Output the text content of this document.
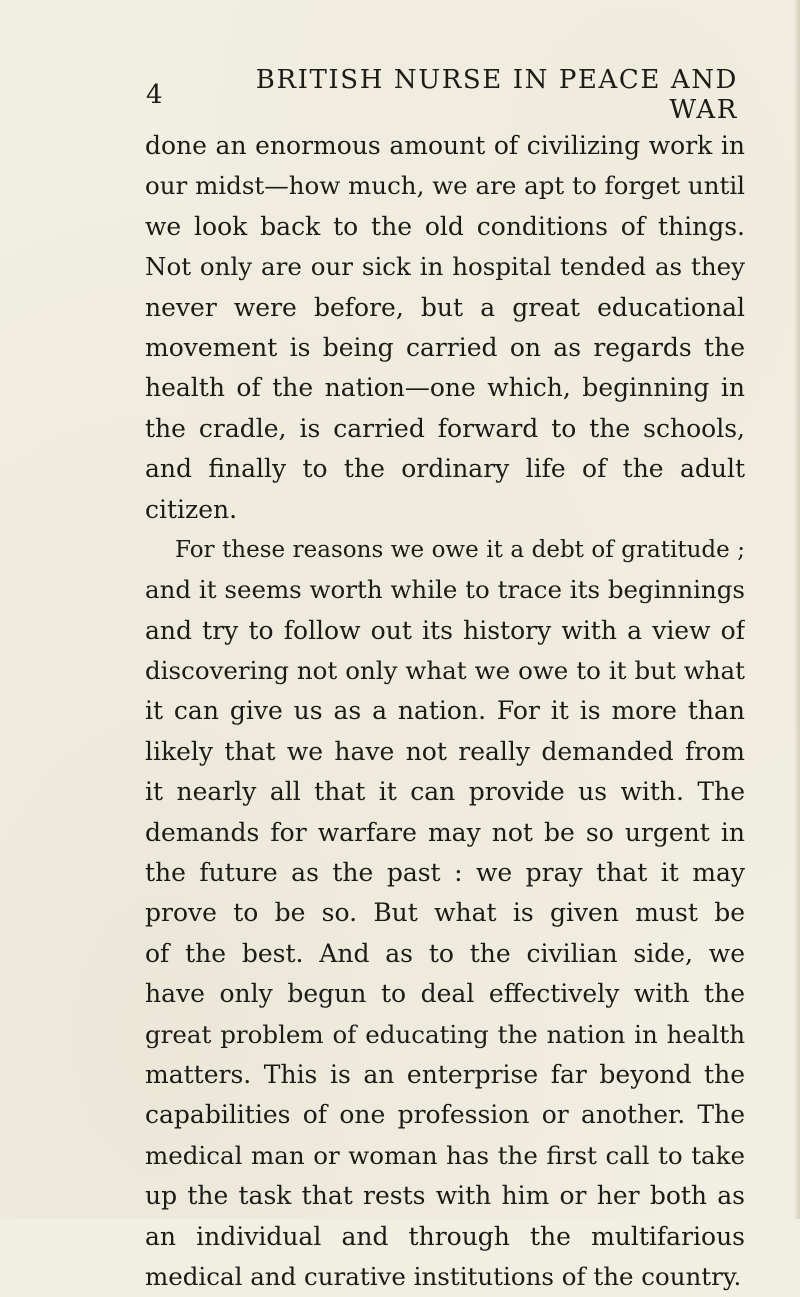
4	BRITISH NURSE IN PEACE AND WAR
done an enormous amount of civilizing work in
our midst—how much, we are apt to forget until
we look back to the old conditions of things.
Not only are our sick in hospital tended as they
never were before, but a great educational
movement is being carried on as regards the
health of the nation—one which, beginning in
the cradle, is carried forward to the schools,
and finally to the ordinary life of the adult
citizen.
For these reasons we owe it a debt of gratitude ;
and it seems worth while to trace its beginnings
and try to follow out its history with a view of
discovering not only what we owe to it but what
it can give us as a nation. For it is more than
likely that we have not really demanded from
it nearly all that it can provide us with. The
demands for warfare may not be so urgent in
the future as the past : we pray that it may
prove to be so. But what is given must be
of the best. And as to the civilian side, we
have only begun to deal effectively with the
great problem of educating the nation in health
matters. This is an enterprise far beyond the
capabilities of one profession or another. The
medical man or woman has the first call to take
up the task that rests with him or her both as
an individual and through the multifarious
medical and curative institutions of the country.
